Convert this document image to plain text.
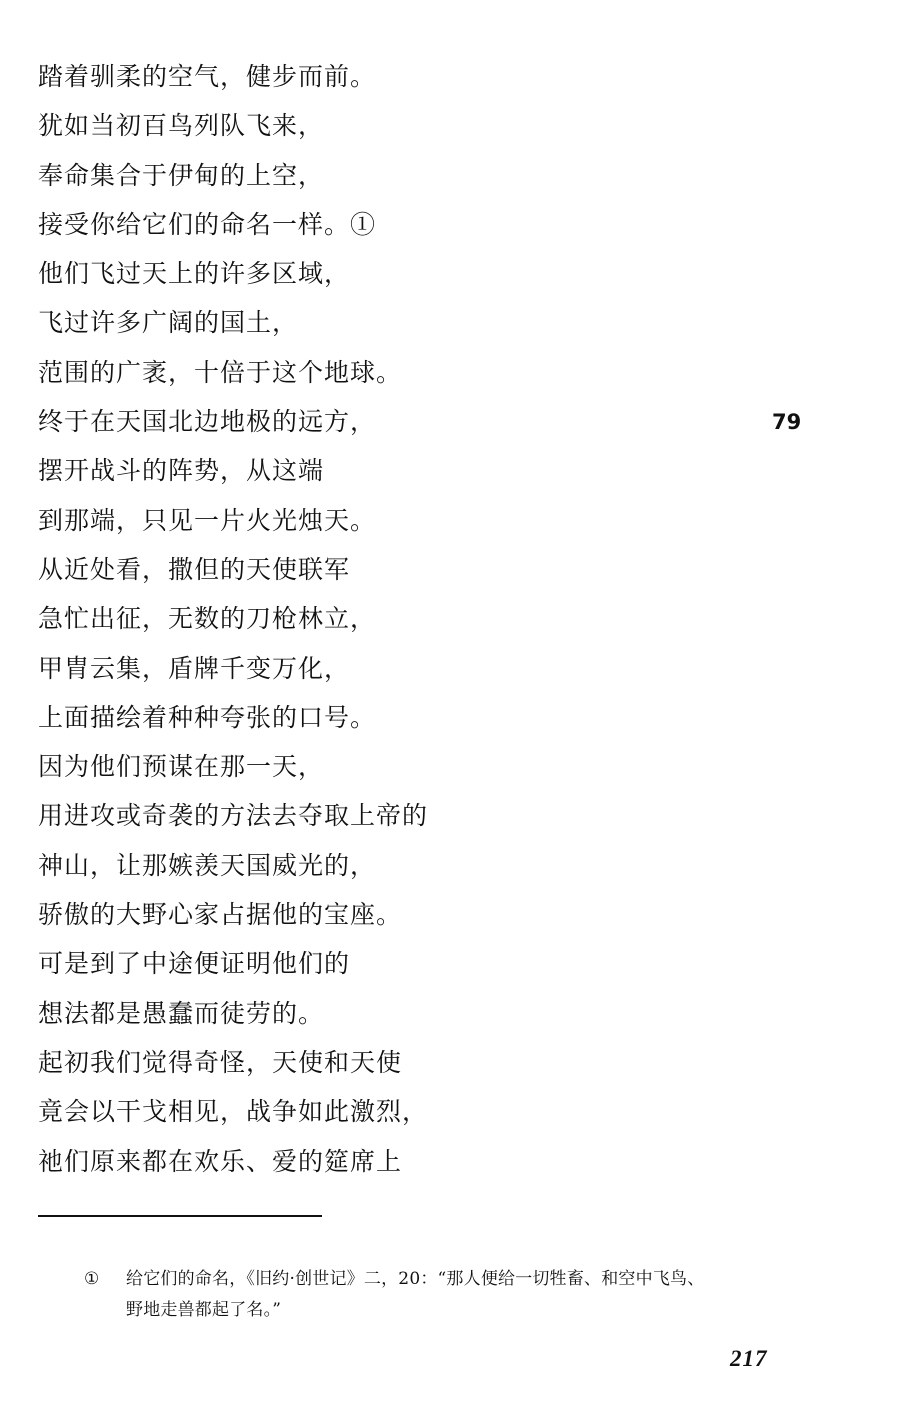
踏着驯柔的空气，健步而前。
犹如当初百鸟列队飞来，
奉命集合于伊甸的上空，
接受你给它们的命名一样。①
他们飞过天上的许多区域，
飞过许多广阔的国土，
范围的广袤，十倍于这个地球。
终于在天国北边地极的远方，
摆开战斗的阵势，从这端
到那端，只见一片火光烛天。
从近处看，撒但的天使联军
急忙出征，无数的刀枪林立，
甲胄云集，盾牌千变万化，
上面描绘着种种夸张的口号。
因为他们预谋在那一天，
用进攻或奇袭的方法去夺取上帝的
神山，让那嫉羡天国威光的，
骄傲的大野心家占据他的宝座。
可是到了中途便证明他们的
想法都是愚蠢而徒劳的。
起初我们觉得奇怪，天使和天使
竟会以干戈相见，战争如此激烈，
祂们原来都在欢乐、爱的筵席上
79
①	给它们的命名，《旧约·创世记》二，20：“那人便给一切牲畜、和空中飞鸟、
野地走兽都起了名。”
217
